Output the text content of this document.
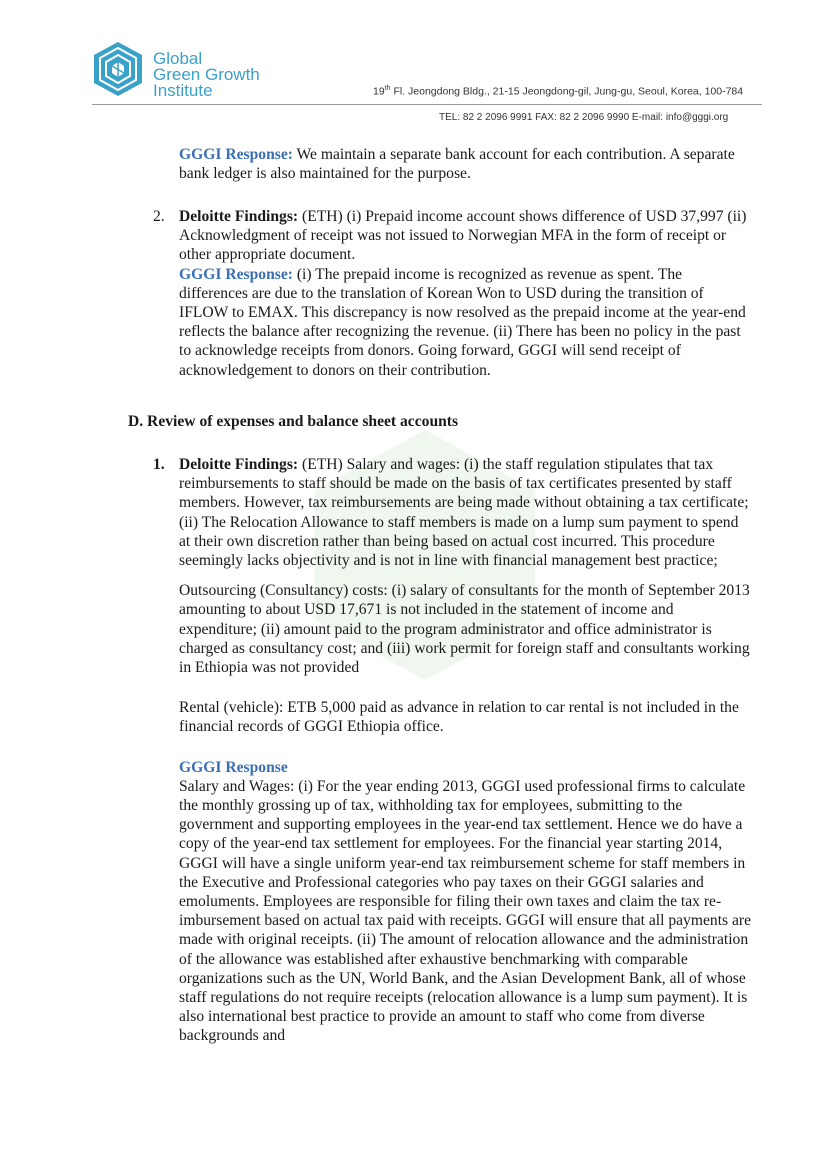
Global
Green Growth
Institute	19th Fl. Jeongdong Bldg., 21-15 Jeongdong-gil, Jung-gu, Seoul, Korea, 100-784
TEL: 82 2 2096 9991 FAX: 82 2 2096 9990 E-mail: info@gggi.org

GGGI Response: We maintain a separate bank account for each contribution. A separate bank ledger is also maintained for the purpose.

2. Deloitte Findings: (ETH) (i) Prepaid income account shows difference of USD 37,997 (ii) Acknowledgment of receipt was not issued to Norwegian MFA in the form of receipt or other appropriate document.

GGGI Response: (i) The prepaid income is recognized as revenue as spent. The differences are due to the translation of Korean Won to USD during the transition of IFLOW to EMAX. This discrepancy is now resolved as the prepaid income at the year-end reflects the balance after recognizing the revenue. (ii) There has been no policy in the past to acknowledge receipts from donors. Going forward, GGGI will send receipt of acknowledgement to donors on their contribution.

D. Review of expenses and balance sheet accounts

1. Deloitte Findings: (ETH) Salary and wages: (i) the staff regulation stipulates that tax reimbursements to staff should be made on the basis of tax certificates presented by staff members. However, tax reimbursements are being made without obtaining a tax certificate; (ii) The Relocation Allowance to staff members is made on a lump sum payment to spend at their own discretion rather than being based on actual cost incurred. This procedure seemingly lacks objectivity and is not in line with financial management best practice;

Outsourcing (Consultancy) costs: (i) salary of consultants for the month of September 2013 amounting to about USD 17,671 is not included in the statement of income and expenditure; (ii) amount paid to the program administrator and office administrator is charged as consultancy cost; and (iii) work permit for foreign staff and consultants working in Ethiopia was not provided

Rental (vehicle): ETB 5,000 paid as advance in relation to car rental is not included in the financial records of GGGI Ethiopia office.

GGGI Response
Salary and Wages: (i) For the year ending 2013, GGGI used professional firms to calculate the monthly grossing up of tax, withholding tax for employees, submitting to the government and supporting employees in the year-end tax settlement. Hence we do have a copy of the year-end tax settlement for employees. For the financial year starting 2014, GGGI will have a single uniform year-end tax reimbursement scheme for staff members in the Executive and Professional categories who pay taxes on their GGGI salaries and emoluments. Employees are responsible for filing their own taxes and claim the tax re-imbursement based on actual tax paid with receipts. GGGI will ensure that all payments are made with original receipts. (ii) The amount of relocation allowance and the administration of the allowance was established after exhaustive benchmarking with comparable organizations such as the UN, World Bank, and the Asian Development Bank, all of whose staff regulations do not require receipts (relocation allowance is a lump sum payment). It is also international best practice to provide an amount to staff who come from diverse backgrounds and
